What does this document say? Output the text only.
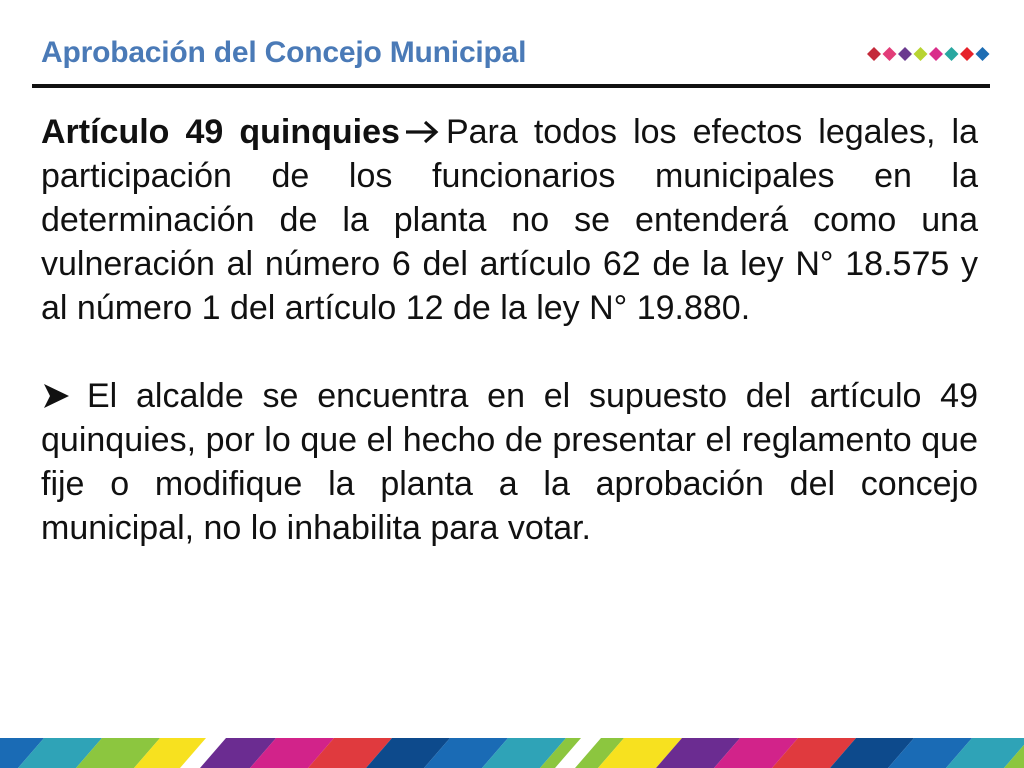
Aprobación del Concejo Municipal

Artículo 49 quinquies Para todos los efectos legales, la participación de los funcionarios municipales en la determinación de la planta no se entenderá como una vulneración al número 6 del artículo 62 de la ley N° 18.575 y al número 1 del artículo 12 de la ley N° 19.880.

El alcalde se encuentra en el supuesto del artículo 49 quinquies, por lo que el hecho de presentar el reglamento que fije o modifique la planta a la aprobación del concejo municipal, no lo inhabilita para votar.
